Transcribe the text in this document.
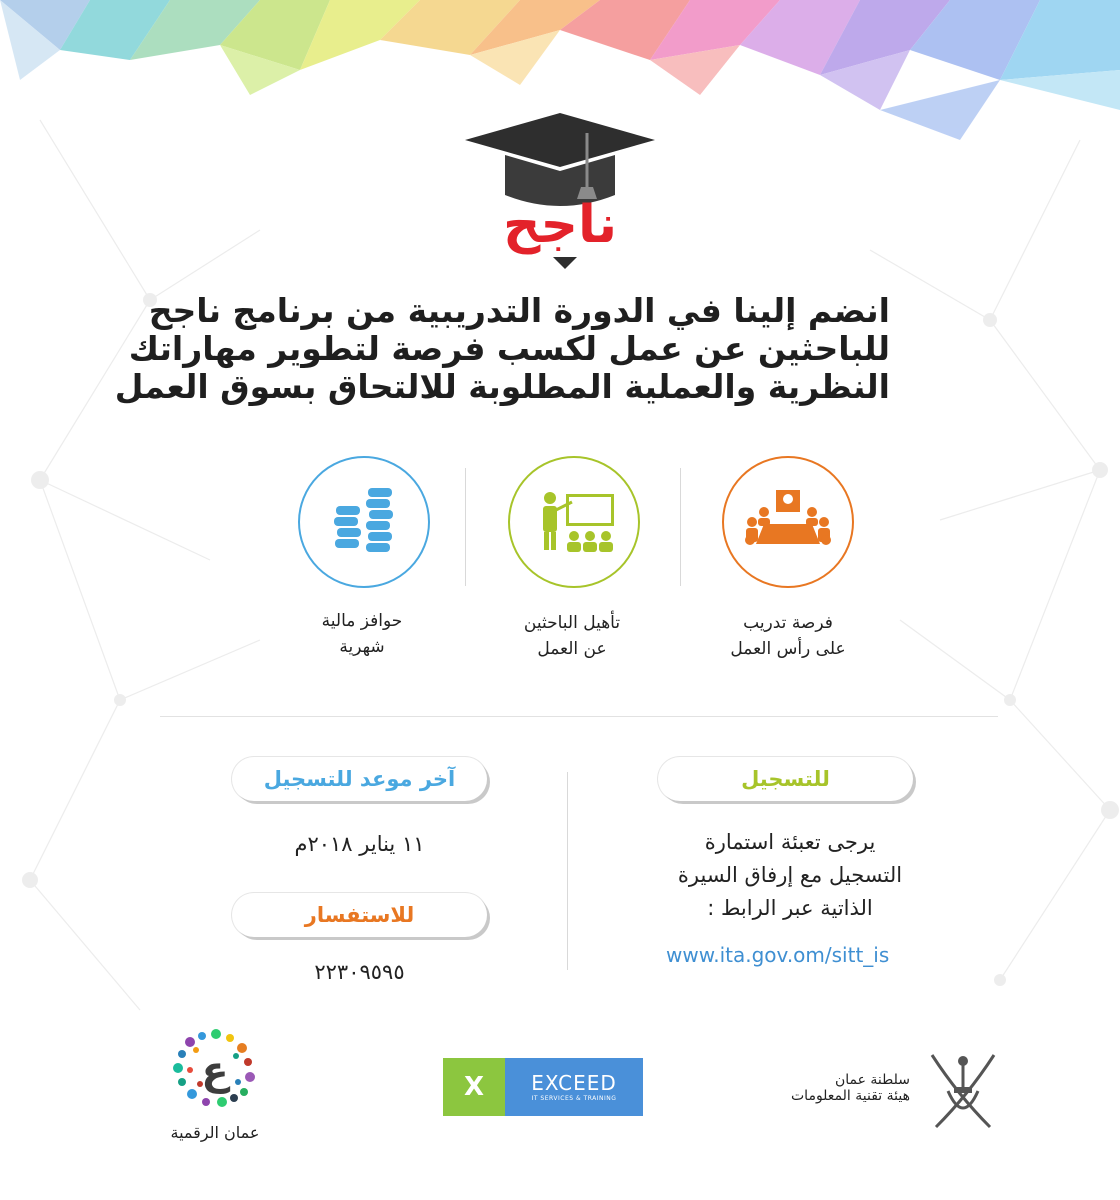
ناجح
انضم إلينا في الدورة التدريبية من برنامج ناجح
للباحثين عن عمل لكسب فرصة لتطوير مهاراتك
النظرية والعملية المطلوبة للالتحاق بسوق العمل
فرصة تدريب
على رأس العمل
تأهيل الباحثين
عن العمل
حوافز مالية
شهرية
للتسجيل
يرجى تعبئة استمارة
التسجيل مع إرفاق السيرة
الذاتية عبر الرابط :
www.ita.gov.om/sitt_is
آخر موعد للتسجيل
١١ يناير ٢٠١٨م
للاستفسار
٢٢٣٠٩٥٩٥
ع
عمان الرقمية
X	EXCEED
IT SERVICES & TRAINING
سلطنة عمان
هيئة تقنية المعلومات
